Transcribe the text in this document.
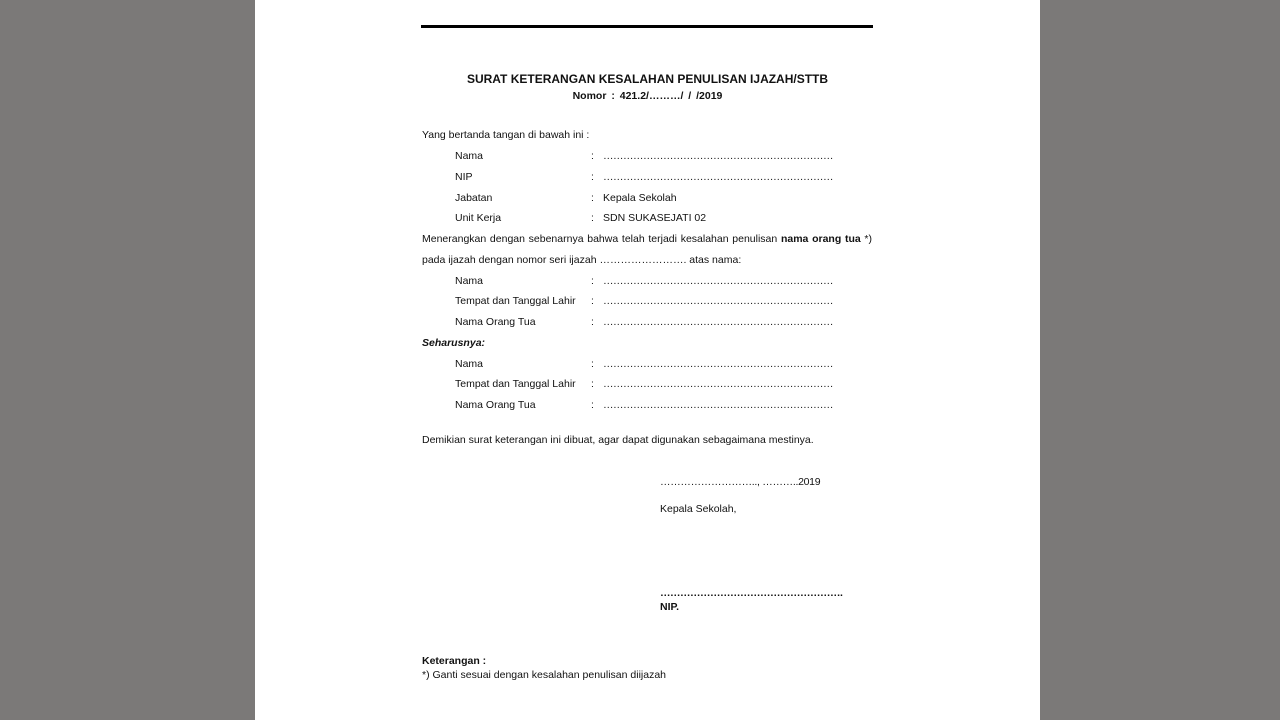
SURAT KETERANGAN KESALAHAN PENULISAN IJAZAH/STTB
Nomor : 421.2/………/ / /2019
Yang bertanda tangan di bawah ini :
Nama	: ……………………………………………………………
NIP	: ……………………………………………………………
Jabatan	: Kepala Sekolah
Unit Kerja	: SDN SUKASEJATI 02
Menerangkan dengan sebenarnya bahwa telah terjadi kesalahan penulisan nama orang tua *)
pada ijazah dengan nomor seri ijazah ……………………. atas nama:
Nama	: ……………………………………………………………
Tempat dan Tanggal Lahir : ……………………………………………………………
Nama Orang Tua	: ……………………………………………………………
Seharusnya:
Nama	: ……………………………………………………………
Tempat dan Tanggal Lahir : ……………………………………………………………
Nama Orang Tua	: ……………………………………………………………
Demikian surat keterangan ini dibuat, agar dapat digunakan sebagaimana mestinya.
……………………….., ………..2019
Kepala Sekolah,
……………………………………………….
NIP.
Keterangan :
*) Ganti sesuai dengan kesalahan penulisan diijazah
